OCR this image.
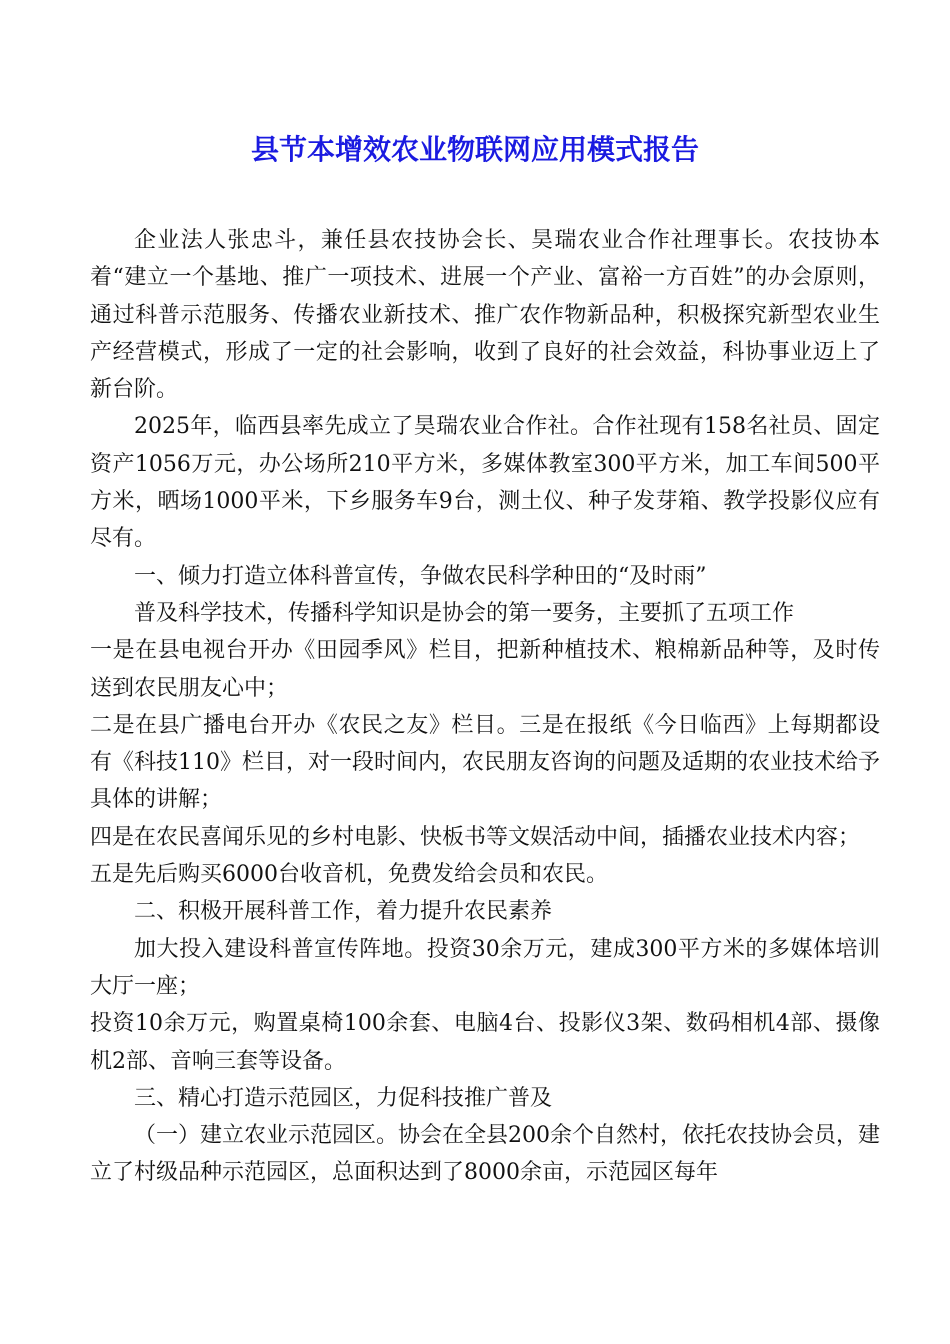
县节本增效农业物联网应用模式报告

企业法人张忠斗，兼任县农技协会长、昊瑞农业合作社理事长。农技协本着“建立一个基地、推广一项技术、进展一个产业、富裕一方百姓”的办会原则，通过科普示范服务、传播农业新技术、推广农作物新品种，积极探究新型农业生产经营模式，形成了一定的社会影响，收到了良好的社会效益，科协事业迈上了新台阶。

2025年，临西县率先成立了昊瑞农业合作社。合作社现有158名社员、固定资产1056万元，办公场所210平方米，多媒体教室300平方米，加工车间500平方米，晒场1000平米，下乡服务车9台，测土仪、种子发芽箱、教学投影仪应有尽有。

一、倾力打造立体科普宣传，争做农民科学种田的“及时雨”

普及科学技术，传播科学知识是协会的第一要务，主要抓了五项工作

一是在县电视台开办《田园季风》栏目，把新种植技术、粮棉新品种等，及时传送到农民朋友心中；

二是在县广播电台开办《农民之友》栏目。三是在报纸《今日临西》上每期都设有《科技110》栏目，对一段时间内，农民朋友咨询的问题及适期的农业技术给予具体的讲解；

四是在农民喜闻乐见的乡村电影、快板书等文娱活动中间，插播农业技术内容；

五是先后购买6000台收音机，免费发给会员和农民。

二、积极开展科普工作，着力提升农民素养

加大投入建设科普宣传阵地。投资30余万元，建成300平方米的多媒体培训大厅一座；

投资10余万元，购置桌椅100余套、电脑4台、投影仪3架、数码相机4部、摄像机2部、音响三套等设备。

三、精心打造示范园区，力促科技推广普及

（一）建立农业示范园区。协会在全县200余个自然村，依托农技协会员，建立了村级品种示范园区，总面积达到了8000余亩，示范园区每年
